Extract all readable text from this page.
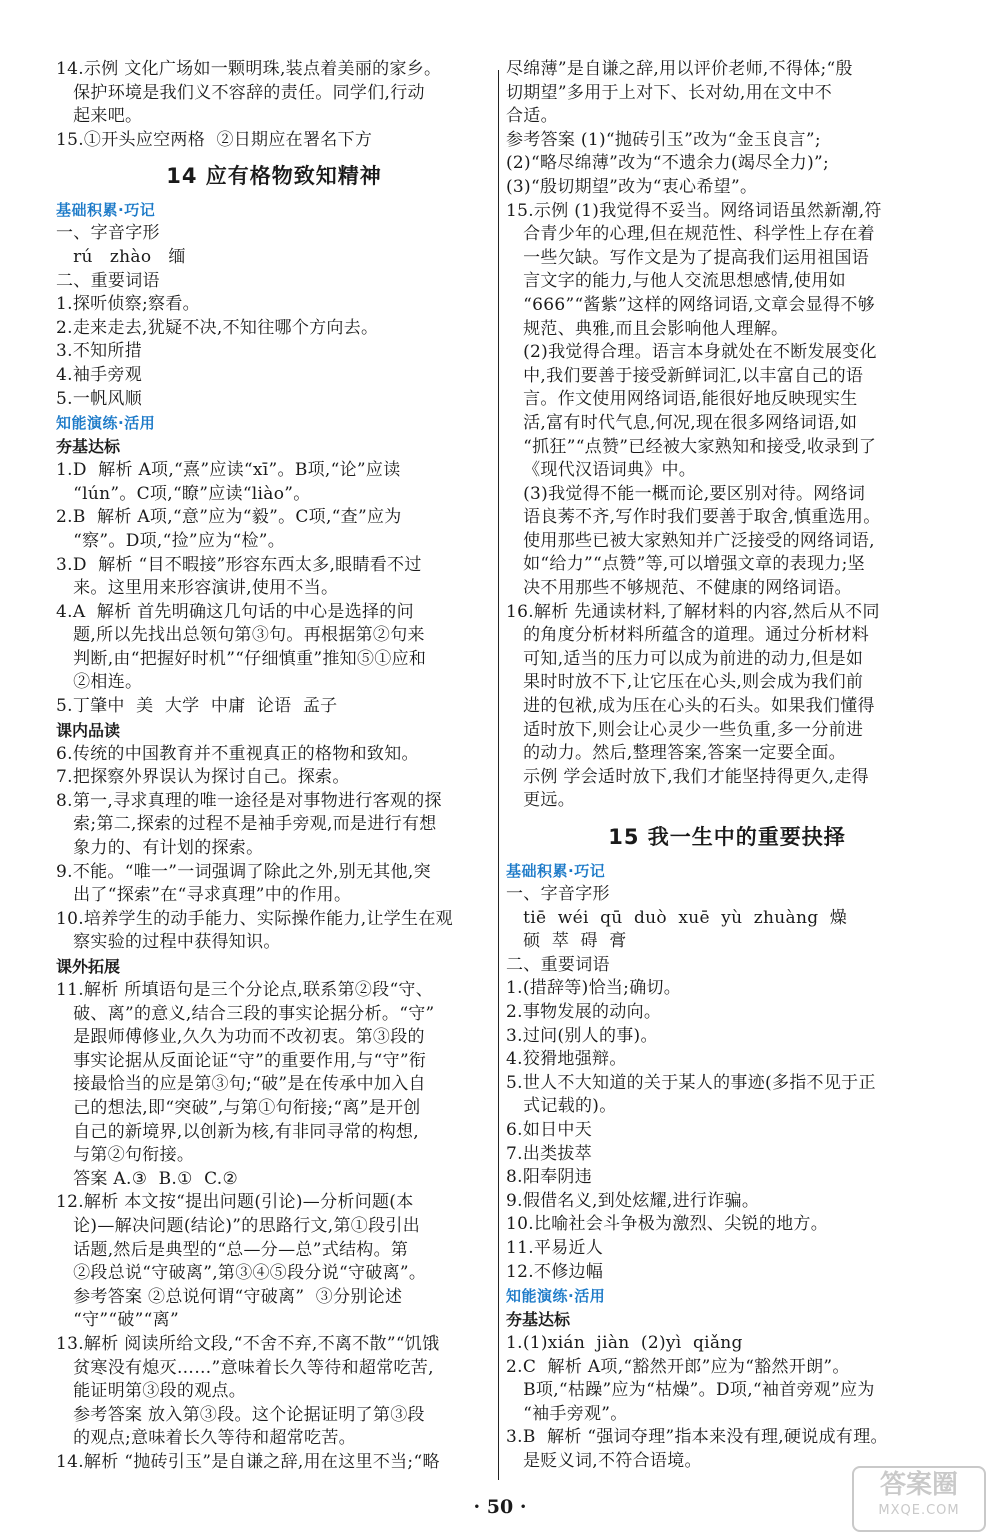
14.示例 文化广场如一颗明珠,装点着美丽的家乡。
保护环境是我们义不容辞的责任。同学们,行动
起来吧。
15.①开头应空两格  ②日期应在署名下方
14 应有格物致知精神
基础积累·巧记
一、字音字形
rú   zhào   缅
二、重要词语
1.探听侦察;察看。
2.走来走去,犹疑不决,不知往哪个方向去。
3.不知所措
4.袖手旁观
5.一帆风顺
知能演练·活用
夯基达标
1.D  解析 A项,“熹”应读“xī”。B项,“论”应读
“lún”。C项,“瞭”应读“liào”。
2.B  解析 A项,“意”应为“毅”。C项,“查”应为
“察”。D项,“捡”应为“检”。
3.D  解析 “目不暇接”形容东西太多,眼睛看不过
来。这里用来形容演讲,使用不当。
4.A  解析 首先明确这几句话的中心是选择的问
题,所以先找出总领句第③句。再根据第②句来
判断,由“把握好时机”“仔细慎重”推知⑤①应和
②相连。
5.丁肇中  美  大学  中庸  论语  孟子
课内品读
6.传统的中国教育并不重视真正的格物和致知。
7.把探察外界误认为探讨自己。探索。
8.第一,寻求真理的唯一途径是对事物进行客观的探
索;第二,探索的过程不是袖手旁观,而是进行有想
象力的、有计划的探索。
9.不能。“唯一”一词强调了除此之外,别无其他,突
出了“探索”在“寻求真理”中的作用。
10.培养学生的动手能力、实际操作能力,让学生在观
察实验的过程中获得知识。
课外拓展
11.解析 所填语句是三个分论点,联系第②段“守、
破、离”的意义,结合三段的事实论据分析。“守”
是跟师傅修业,久久为功而不改初衷。第③段的
事实论据从反面论证“守”的重要作用,与“守”衔
接最恰当的应是第③句;“破”是在传承中加入自
己的想法,即“突破”,与第①句衔接;“离”是开创
自己的新境界,以创新为核,有非同寻常的构想,
与第②句衔接。
答案 A.③  B.①  C.②
12.解析 本文按“提出问题(引论)—分析问题(本
论)—解决问题(结论)”的思路行文,第①段引出
话题,然后是典型的“总—分—总”式结构。第
②段总说“守破离”,第③④⑤段分说“守破离”。
参考答案 ②总说何谓“守破离”  ③分别论述
“守”“破”“离”
13.解析 阅读所给文段,“不舍不弃,不离不散”“饥饿
贫寒没有熄灭……”意味着长久等待和超常吃苦,
能证明第③段的观点。
参考答案 放入第③段。这个论据证明了第③段
的观点;意味着长久等待和超常吃苦。
14.解析 “抛砖引玉”是自谦之辞,用在这里不当;“略
尽绵薄”是自谦之辞,用以评价老师,不得体;“殷
切期望”多用于上对下、长对幼,用在文中不
合适。
参考答案 (1)“抛砖引玉”改为“金玉良言”;
(2)“略尽绵薄”改为“不遗余力(竭尽全力)”;
(3)“殷切期望”改为“衷心希望”。
15.示例 (1)我觉得不妥当。网络词语虽然新潮,符
合青少年的心理,但在规范性、科学性上存在着
一些欠缺。写作文是为了提高我们运用祖国语
言文字的能力,与他人交流思想感情,使用如
“666”“酱紫”这样的网络词语,文章会显得不够
规范、典雅,而且会影响他人理解。
(2)我觉得合理。语言本身就处在不断发展变化
中,我们要善于接受新鲜词汇,以丰富自己的语
言。作文使用网络词语,能很好地反映现实生
活,富有时代气息,何况,现在很多网络词语,如
“抓狂”“点赞”已经被大家熟知和接受,收录到了
《现代汉语词典》中。
(3)我觉得不能一概而论,要区别对待。网络词
语良莠不齐,写作时我们要善于取舍,慎重选用。
使用那些已被大家熟知并广泛接受的网络词语,
如“给力”“点赞”等,可以增强文章的表现力;坚
决不用那些不够规范、不健康的网络词语。
16.解析 先通读材料,了解材料的内容,然后从不同
的角度分析材料所蕴含的道理。通过分析材料
可知,适当的压力可以成为前进的动力,但是如
果时时放不下,让它压在心头,则会成为我们前
进的包袱,成为压在心头的石头。如果我们懂得
适时放下,则会让心灵少一些负重,多一分前进
的动力。然后,整理答案,答案一定要全面。
示例 学会适时放下,我们才能坚持得更久,走得
更远。
15 我一生中的重要抉择
基础积累·巧记
一、字音字形
tiē  wéi  qū  duò  xuē  yù  zhuàng  燥
硕  萃  碍  膏
二、重要词语
1.(措辞等)恰当;确切。
2.事物发展的动向。
3.过问(别人的事)。
4.狡猾地强辩。
5.世人不大知道的关于某人的事迹(多指不见于正
式记载的)。
6.如日中天
7.出类拔萃
8.阳奉阴违
9.假借名义,到处炫耀,进行诈骗。
10.比喻社会斗争极为激烈、尖锐的地方。
11.平易近人
12.不修边幅
知能演练·活用
夯基达标
1.(1)xián  jiàn  (2)yì  qiǎng
2.C  解析 A项,“豁然开郎”应为“豁然开朗”。
B项,“枯躁”应为“枯燥”。D项,“袖首旁观”应为
“袖手旁观”。
3.B  解析 “强词夺理”指本来没有理,硬说成有理。
是贬义词,不符合语境。
· 50 ·
答案圈
MXQE.COM
